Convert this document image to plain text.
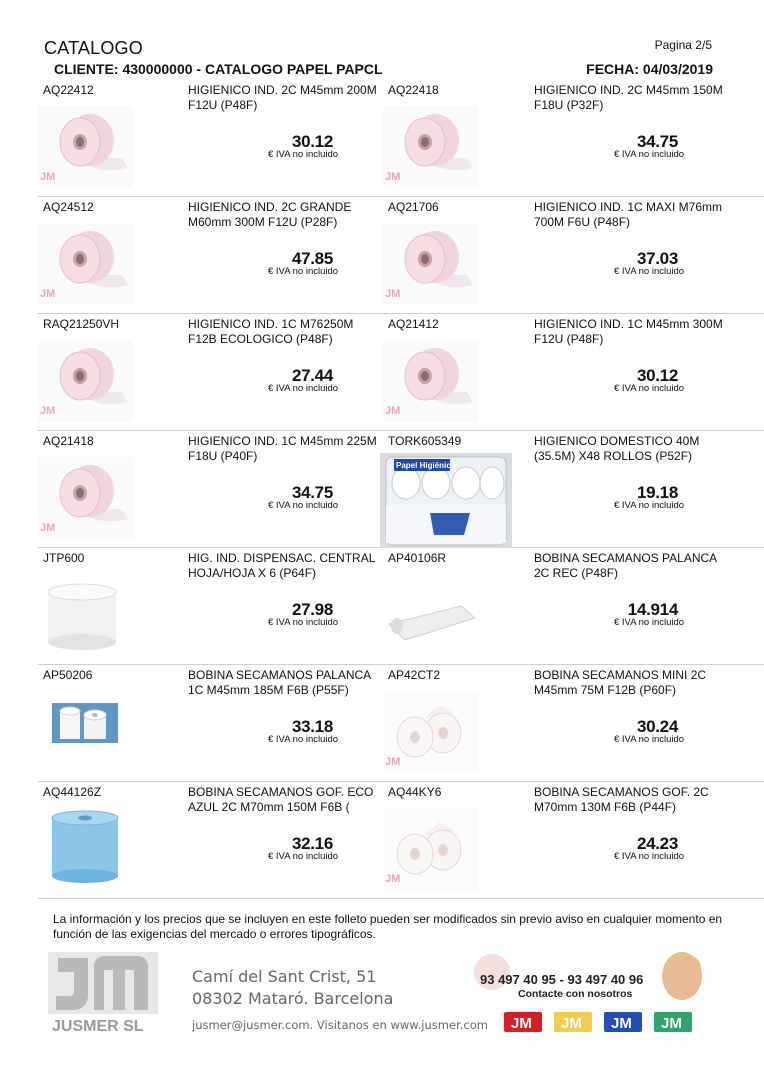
CATALOGO	Pagina 2/5
CLIENTE: 430000000 - CATALOGO PAPEL PAPCL	FECHA: 04/03/2019
AQ22412	HIGIENICO IND. 2C M45mm 200M F12U (P48F)
JM
30.12
€ IVA no incluido
AQ22418	HIGIENICO IND. 2C M45mm 150M F18U (P32F)
JM
34.75
€ IVA no incluido
AQ24512	HIGIENICO IND. 2C GRANDE M60mm 300M F12U (P28F)
JM
47.85
€ IVA no incluido
AQ21706	HIGIENICO IND. 1C MAXI M76mm 700M F6U (P48F)
JM
37.03
€ IVA no incluido
RAQ21250VH	HIGIENICO IND. 1C M76250M F12B ECOLOGICO (P48F)
JM
27.44
€ IVA no incluido
AQ21412	HIGIENICO IND. 1C M45mm 300M F12U (P48F)
JM
30.12
€ IVA no incluido
AQ21418	HIGIENICO IND. 1C M45mm 225M F18U (P40F)
JM
34.75
€ IVA no incluido
TORK605349	HIGIENICO DOMESTICO 40M (35.5M) X48 ROLLOS (P52F)
Papel Higiénico
19.18
€ IVA no incluido
JTP600	HIG. IND. DISPENSAC. CENTRAL HOJA/HOJA X 6 (P64F)
27.98
€ IVA no incluido
AP40106R	BOBINA SECAMANOS PALANCA 2C REC (P48F)
14.914
€ IVA no incluido
AP50206	BOBINA SECAMANOS PALANCA 1C M45mm 185M F6B (P55F)
33.18
€ IVA no incluido
AP42CT2	BOBINA SECAMANOS MINI 2C M45mm 75M F12B (P60F)
JM
30.24
€ IVA no incluido
AQ44126Z	BOBINA SECAMANOS GOF. ECO AZUL 2C M70mm 150M F6B (
32.16
€ IVA no incluido
AQ44KY6	BOBINA SECAMANOS GOF. 2C M70mm 130M F6B (P44F)
JM
24.23
€ IVA no incluido
La información y los precios que se incluyen en este folleto pueden ser modificados sin previo aviso en cualquier momento en función de las exigencias del mercado o errores tipográficos.
JUSMER SL
Camí del Sant Crist, 51
08302 Mataró. Barcelona
jusmer@jusmer.com. Visitanos en www.jusmer.com JM JM JM JM
93 497 40 95 - 93 497 40 96
Contacte con nosotros
